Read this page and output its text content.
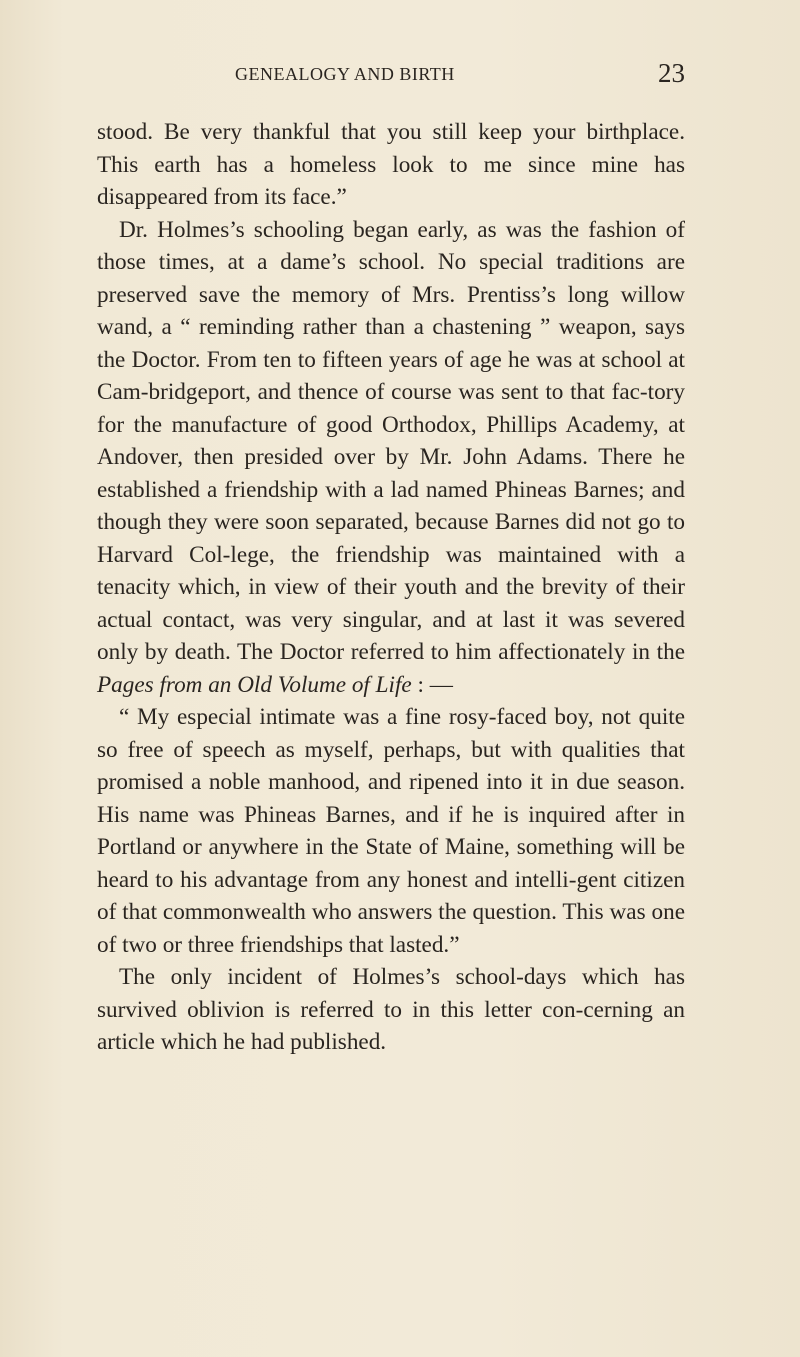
GENEALOGY AND BIRTH	23

stood. Be very thankful that you still keep your birthplace. This earth has a homeless look to me since mine has disappeared from its face.”

Dr. Holmes’s schooling began early, as was the fashion of those times, at a dame’s school. No special traditions are preserved save the memory of Mrs. Prentiss’s long willow wand, a “ reminding rather than a chastening ” weapon, says the Doctor. From ten to fifteen years of age he was at school at Cam-bridgeport, and thence of course was sent to that fac-tory for the manufacture of good Orthodox, Phillips Academy, at Andover, then presided over by Mr. John Adams. There he established a friendship with a lad named Phineas Barnes; and though they were soon separated, because Barnes did not go to Harvard Col-lege, the friendship was maintained with a tenacity which, in view of their youth and the brevity of their actual contact, was very singular, and at last it was severed only by death. The Doctor referred to him affectionately in the Pages from an Old Volume of Life : —

“ My especial intimate was a fine rosy-faced boy, not quite so free of speech as myself, perhaps, but with qualities that promised a noble manhood, and ripened into it in due season. His name was Phineas Barnes, and if he is inquired after in Portland or anywhere in the State of Maine, something will be heard to his advantage from any honest and intelli-gent citizen of that commonwealth who answers the question. This was one of two or three friendships that lasted.”

The only incident of Holmes’s school-days which has survived oblivion is referred to in this letter con-cerning an article which he had published.
